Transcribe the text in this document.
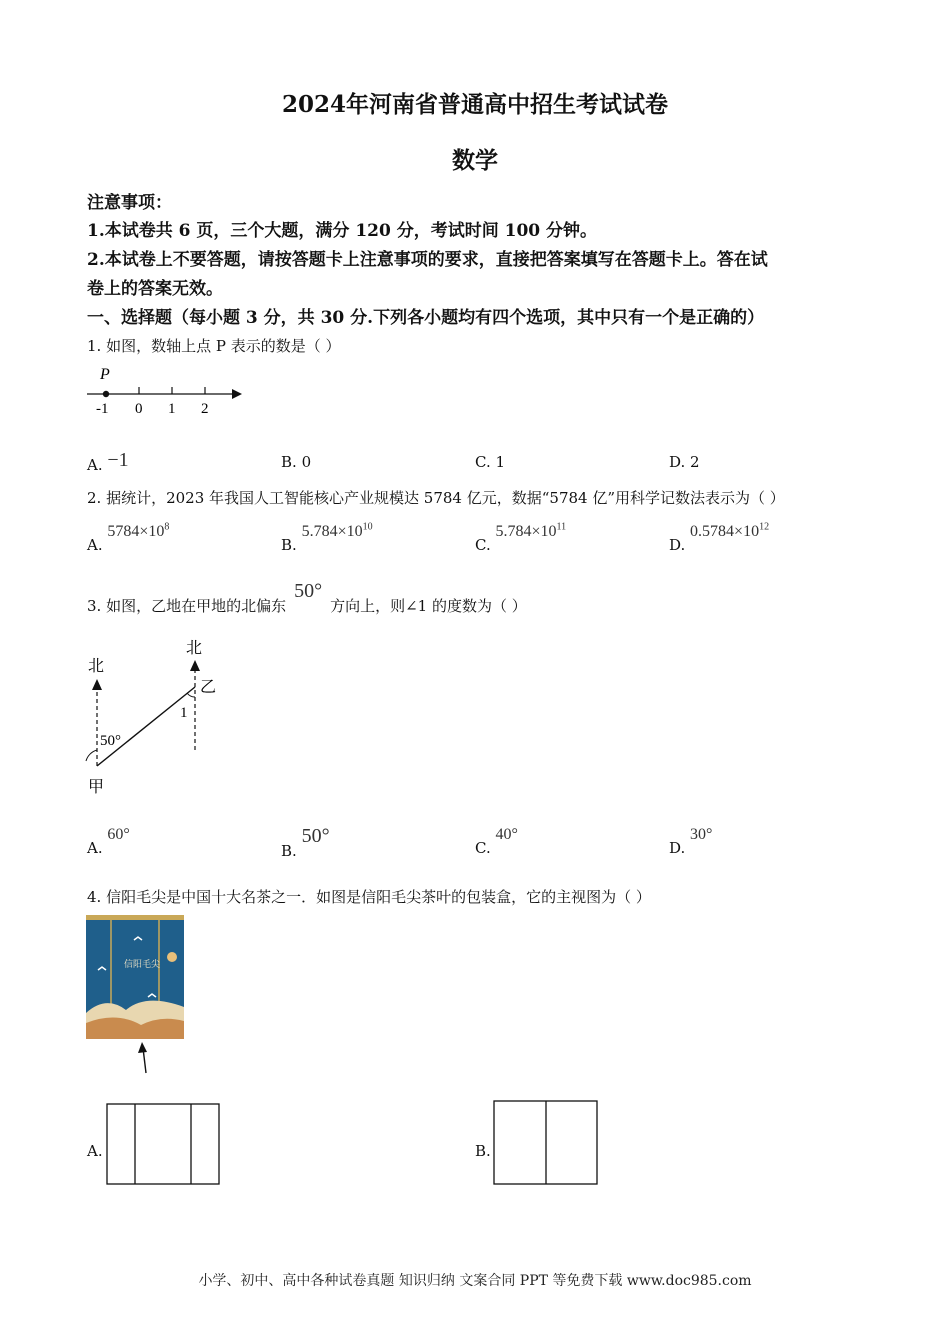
2024年河南省普通高中招生考试试卷
数学
注意事项：
1.本试卷共 6 页，三个大题，满分 120 分，考试时间 100 分钟。
2.本试卷上不要答题，请按答题卡上注意事项的要求，直接把答案填写在答题卡上。答在试
卷上的答案无效。
一、选择题（每小题 3 分，共 30 分.下列各小题均有四个选项，其中只有一个是正确的）
1. 如图，数轴上点 P 表示的数是（ ）
P
-1 0 1 2
A. −1	B. 0	C. 1	D. 2
2. 据统计，2023 年我国人工智能核心产业规模达 5784 亿元，数据“5784 亿”用科学记数法表示为（ ）
A. $5784\times 10^8$
B. $5.784\times 10^{10}$
C. $5.784\times 10^{11}$
D. $0.5784\times 10^{12}$
3. 如图，乙地在甲地的北偏东50°方向上，则∠1 的度数为（ ）
北
北
50°
1
乙
甲
A. 60°
B. 50°
C. 40°
D. 30°
4. 信阳毛尖是中国十大名茶之一．如图是信阳毛尖茶叶的包装盒，它的主视图为（ ）
信阳毛尖
A.	B.
小学、初中、高中各种试卷真题 知识归纳 文案合同 PPT 等免费下载 www.doc985.com
